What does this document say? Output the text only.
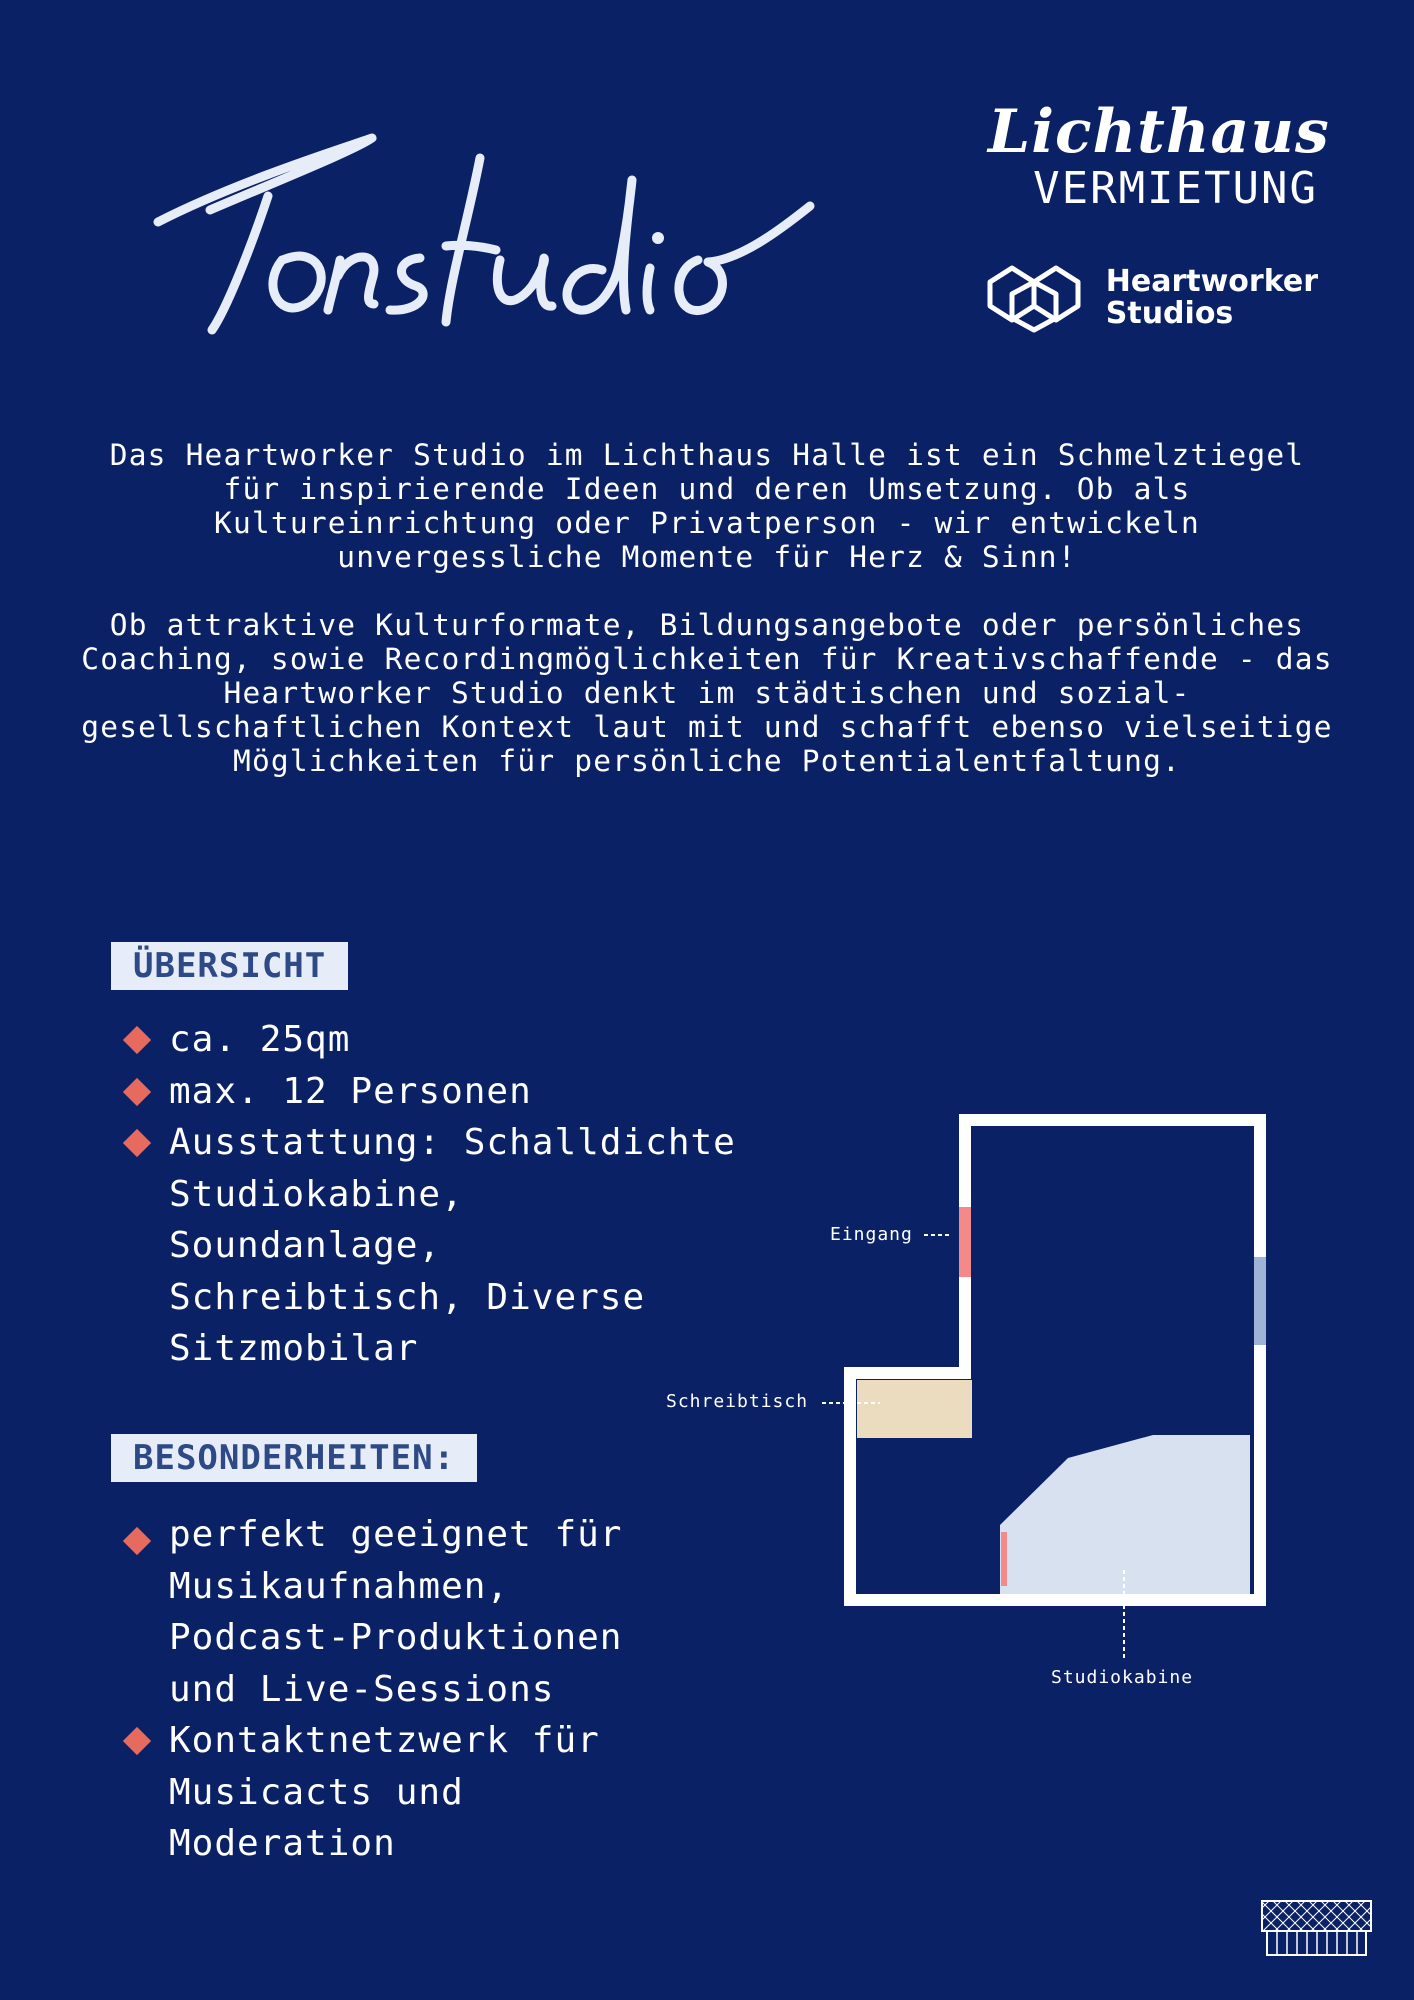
Lichthaus
VERMIETUNG
Heartworker
Studios

Das Heartworker Studio im Lichthaus Halle ist ein Schmelztiegel für inspirierende Ideen und deren Umsetzung. Ob als Kultureinrichtung oder Privatperson - wir entwickeln unvergessliche Momente für Herz & Sinn!

Ob attraktive Kulturformate, Bildungsangebote oder persönliches Coaching, sowie Recordingmöglichkeiten für Kreativschaffende - das Heartworker Studio denkt im städtischen und sozial-gesellschaftlichen Kontext laut mit und schafft ebenso vielseitige Möglichkeiten für persönliche Potentialentfaltung.

ÜBERSICHT
ca. 25qm
max. 12 Personen
Ausstattung: Schalldichte Studiokabine, Soundanlage, Schreibtisch, Diverse Sitzmobilar
BESONDERHEITEN:
perfekt geeignet für Musikaufnahmen, Podcast-Produktionen und Live-Sessions
Kontaktnetzwerk für Musicacts und Moderation
Eingang
Schreibtisch
Studiokabine
